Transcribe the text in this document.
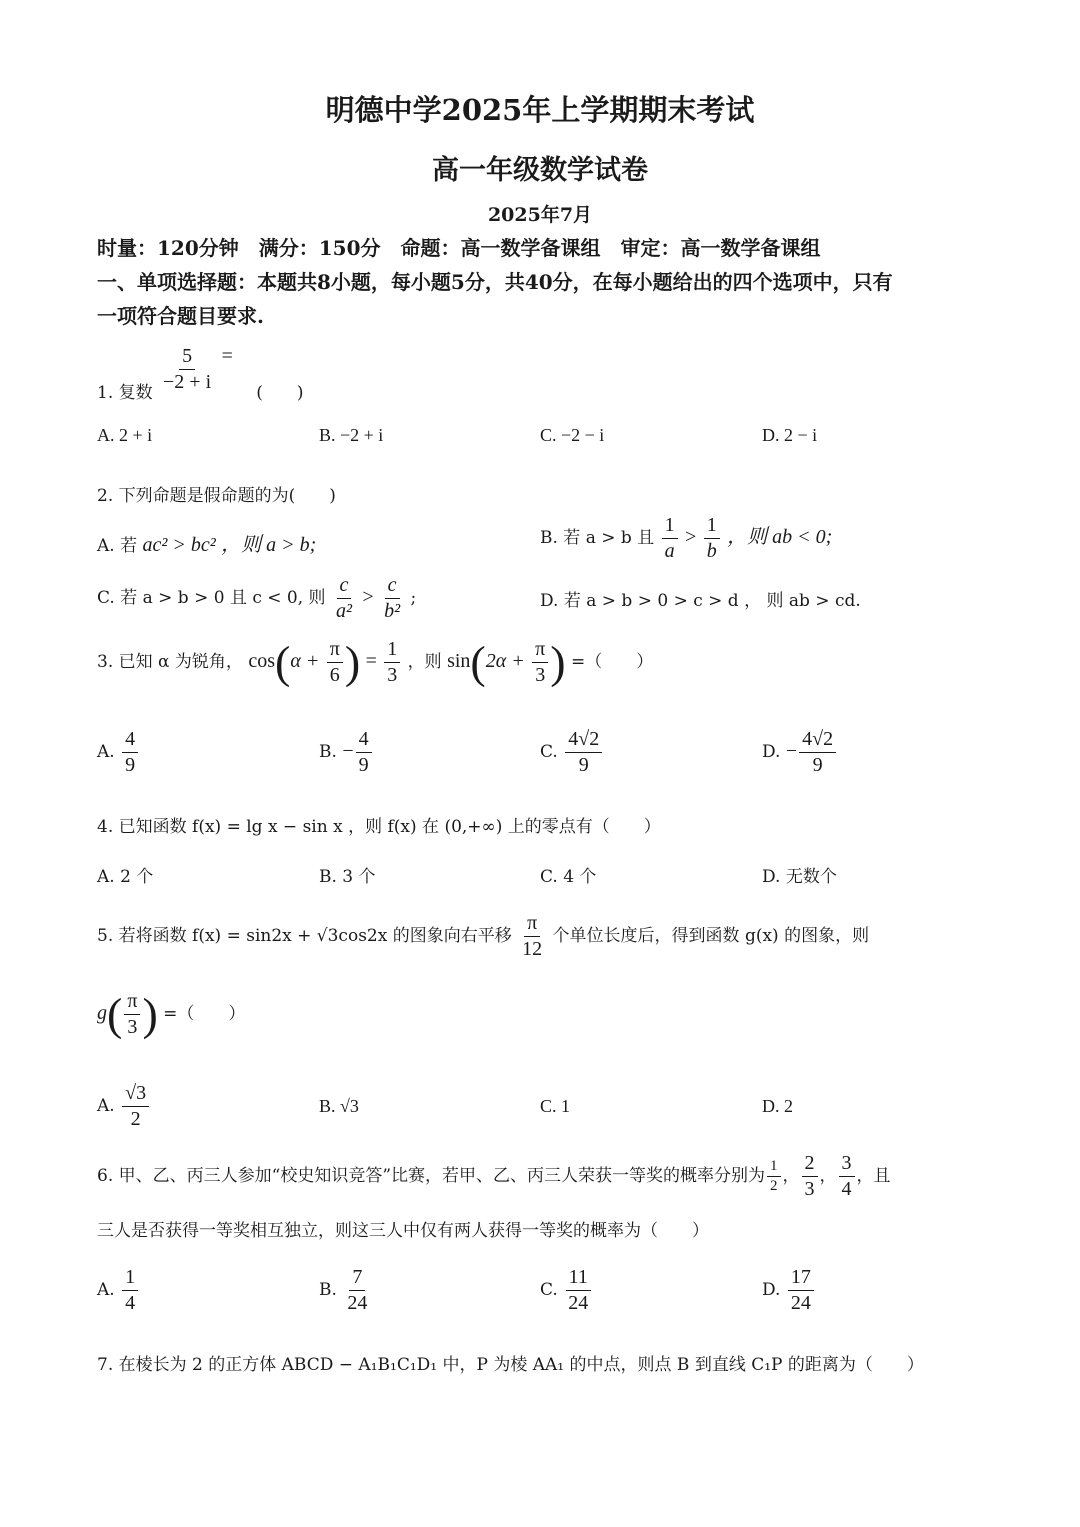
明德中学2025年上学期期末考试
高一年级数学试卷
2025年7月
时量：120分钟　满分：150分　命题：高一数学备课组　审定：高一数学备课组
一、单项选择题：本题共8小题，每小题5分，共40分，在每小题给出的四个选项中，只有
一项符合题目要求.
1. 复数 $\frac{5}{-2 + i}$ = (　　)
A. 2 + i	B. −2 + i	C. −2 − i	D. 2 − i
2. 下列命题是假命题的为(　　)
A. 若 ac² > bc² ，则 a > b;	B. 若 a > b 且 $\frac{1}{a} > \frac{1}{b}$ ，则 ab < 0;
C. 若 a > b > 0 且 c < 0, 则 $\frac{c}{\text{a²}} > \frac{c}{\text{b²}}$ ;	D. 若 a > b > 0 > c > d ， 则 ab > cd.
3. 已知 α 为锐角， $\cos(\alpha + \frac{\pi}{6}$ ) = $\frac{1}{3}$ ，则 $\sin(2\alpha + \frac{\pi}{3}$ ) =（　　）
A. $\frac{4}{9}$	B. − $\frac{4}{9}$	C. $\frac{4√2}{9}$	D. − $\frac{4√2}{9}$
4. 已知函数 f(x) = lg x − sin x ，则 f(x) 在 (0,+∞) 上的零点有（　　）
A. 2 个	B. 3 个	C. 4 个	D. 无数个
5. 若将函数 f(x) = sin2x + √3cos2x 的图象向右平移 $\frac{\pi}{12}$ 个单位长度后，得到函数 g(x) 的图象，则
$g( \frac{\pi}{3}$ ) =（　　）
A. $\frac{√3}{2}$	B. √3	C. 1	D. 2
6. 甲、乙、丙三人参加“校史知识竞答”比赛，若甲、乙、丙三人荣获一等奖的概率分别为 $\frac{1}{2}$ ， $\frac{2}{3}$ ， $\frac{3}{4}$ ，且
三人是否获得一等奖相互独立，则这三人中仅有两人获得一等奖的概率为（　　）
A. $\frac{1}{4}$	B. $\frac{7}{24}$	C. $\frac{11}{24}$	D. $\frac{17}{24}$
7. 在棱长为 2 的正方体 ABCD − A₁B₁C₁D₁ 中，P 为棱 AA₁ 的中点，则点 B 到直线 C₁P 的距离为（　　）
